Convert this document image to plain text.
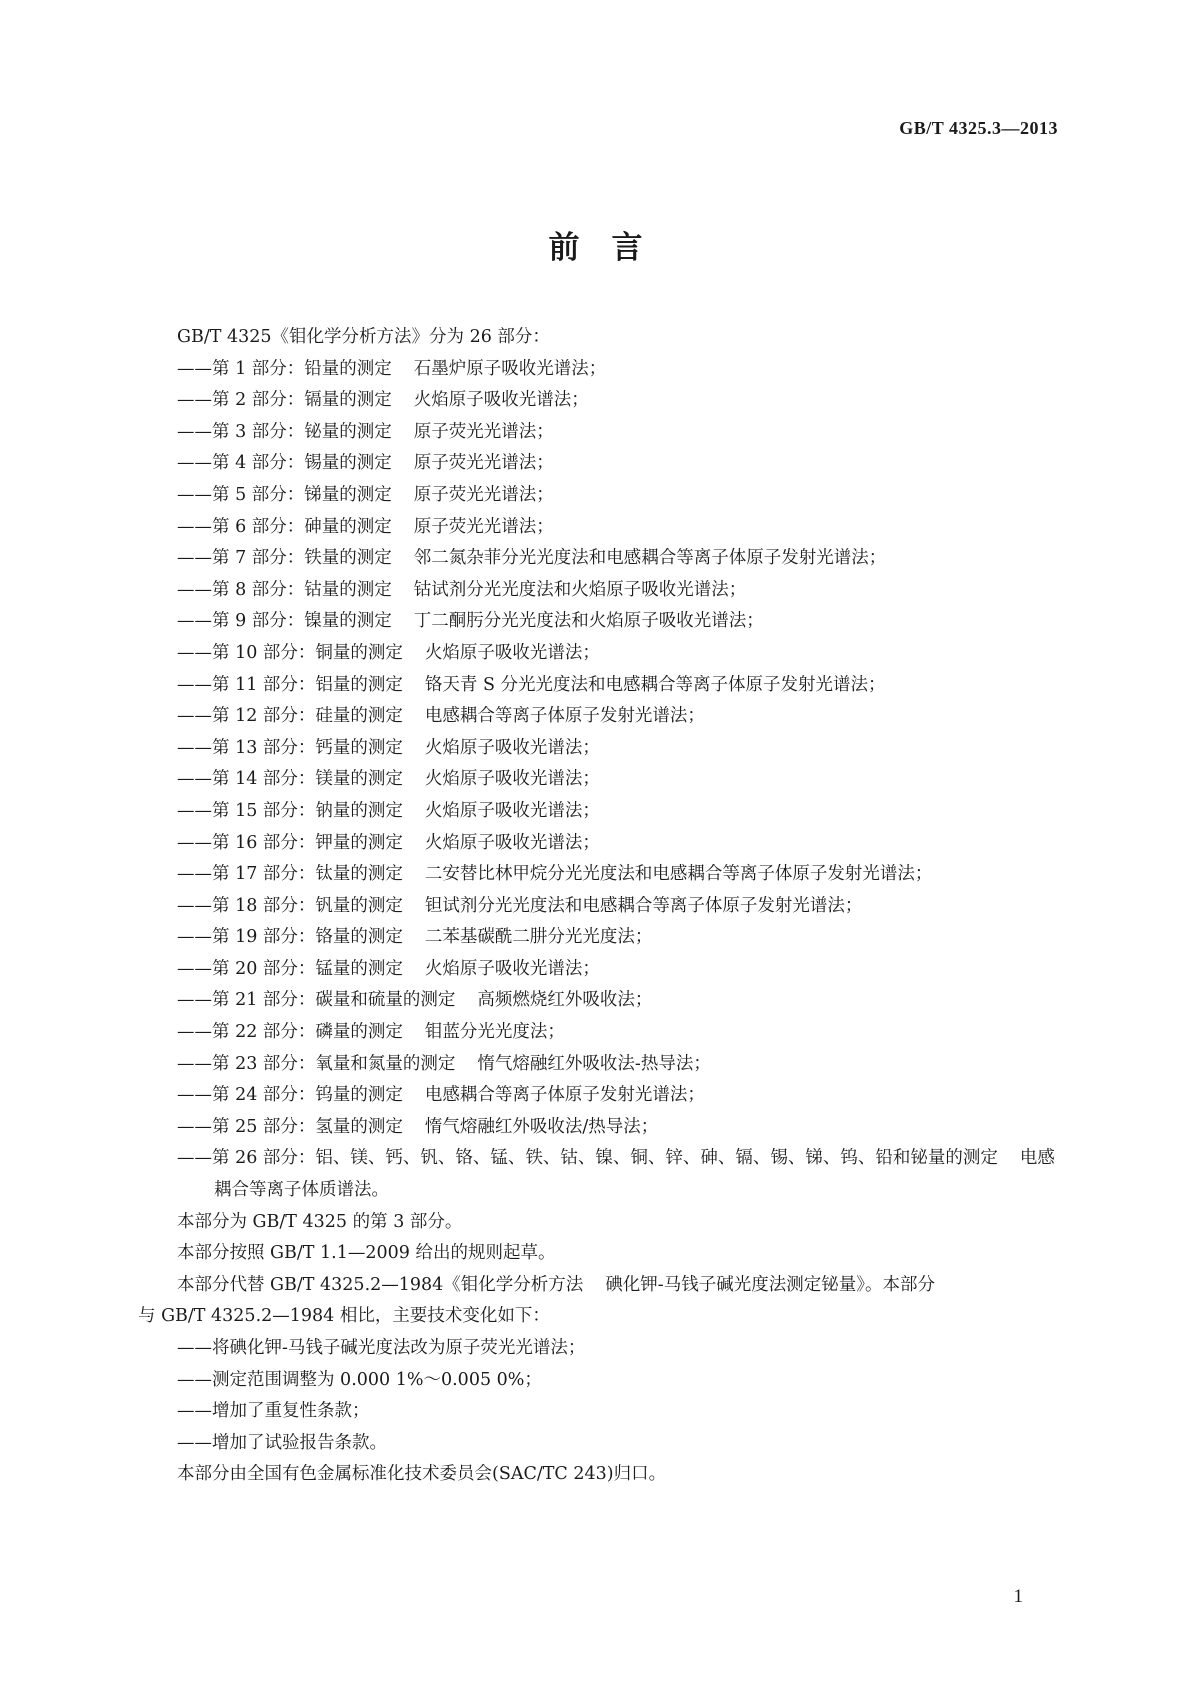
GB/T 4325.3—2013
前言
GB/T 4325《钼化学分析方法》分为 26 部分：
——第 1 部分：铅量的测定 石墨炉原子吸收光谱法；
——第 2 部分：镉量的测定 火焰原子吸收光谱法；
——第 3 部分：铋量的测定 原子荧光光谱法；
——第 4 部分：锡量的测定 原子荧光光谱法；
——第 5 部分：锑量的测定 原子荧光光谱法；
——第 6 部分：砷量的测定 原子荧光光谱法；
——第 7 部分：铁量的测定 邻二氮杂菲分光光度法和电感耦合等离子体原子发射光谱法；
——第 8 部分：钴量的测定 钴试剂分光光度法和火焰原子吸收光谱法；
——第 9 部分：镍量的测定 丁二酮肟分光光度法和火焰原子吸收光谱法；
——第 10 部分：铜量的测定 火焰原子吸收光谱法；
——第 11 部分：铝量的测定 铬天青 S 分光光度法和电感耦合等离子体原子发射光谱法；
——第 12 部分：硅量的测定 电感耦合等离子体原子发射光谱法；
——第 13 部分：钙量的测定 火焰原子吸收光谱法；
——第 14 部分：镁量的测定 火焰原子吸收光谱法；
——第 15 部分：钠量的测定 火焰原子吸收光谱法；
——第 16 部分：钾量的测定 火焰原子吸收光谱法；
——第 17 部分：钛量的测定 二安替比林甲烷分光光度法和电感耦合等离子体原子发射光谱法；
——第 18 部分：钒量的测定 钽试剂分光光度法和电感耦合等离子体原子发射光谱法；
——第 19 部分：铬量的测定 二苯基碳酰二肼分光光度法；
——第 20 部分：锰量的测定 火焰原子吸收光谱法；
——第 21 部分：碳量和硫量的测定 高频燃烧红外吸收法；
——第 22 部分：磷量的测定 钼蓝分光光度法；
——第 23 部分：氧量和氮量的测定 惰气熔融红外吸收法-热导法；
——第 24 部分：钨量的测定 电感耦合等离子体原子发射光谱法；
——第 25 部分：氢量的测定 惰气熔融红外吸收法/热导法；
——第 26 部分：铝、镁、钙、钒、铬、锰、铁、钴、镍、铜、锌、砷、镉、锡、锑、钨、铅和铋量的测定 电感耦合等离子体质谱法。
本部分为 GB/T 4325 的第 3 部分。
本部分按照 GB/T 1.1—2009 给出的规则起草。
本部分代替 GB/T 4325.2—1984《钼化学分析方法 碘化钾-马钱子碱光度法测定铋量》。本部分
与 GB/T 4325.2—1984 相比，主要技术变化如下：
——将碘化钾-马钱子碱光度法改为原子荧光光谱法；
——测定范围调整为 0.000 1%～0.005 0%；
——增加了重复性条款；
——增加了试验报告条款。
本部分由全国有色金属标准化技术委员会(SAC/TC 243)归口。
1
